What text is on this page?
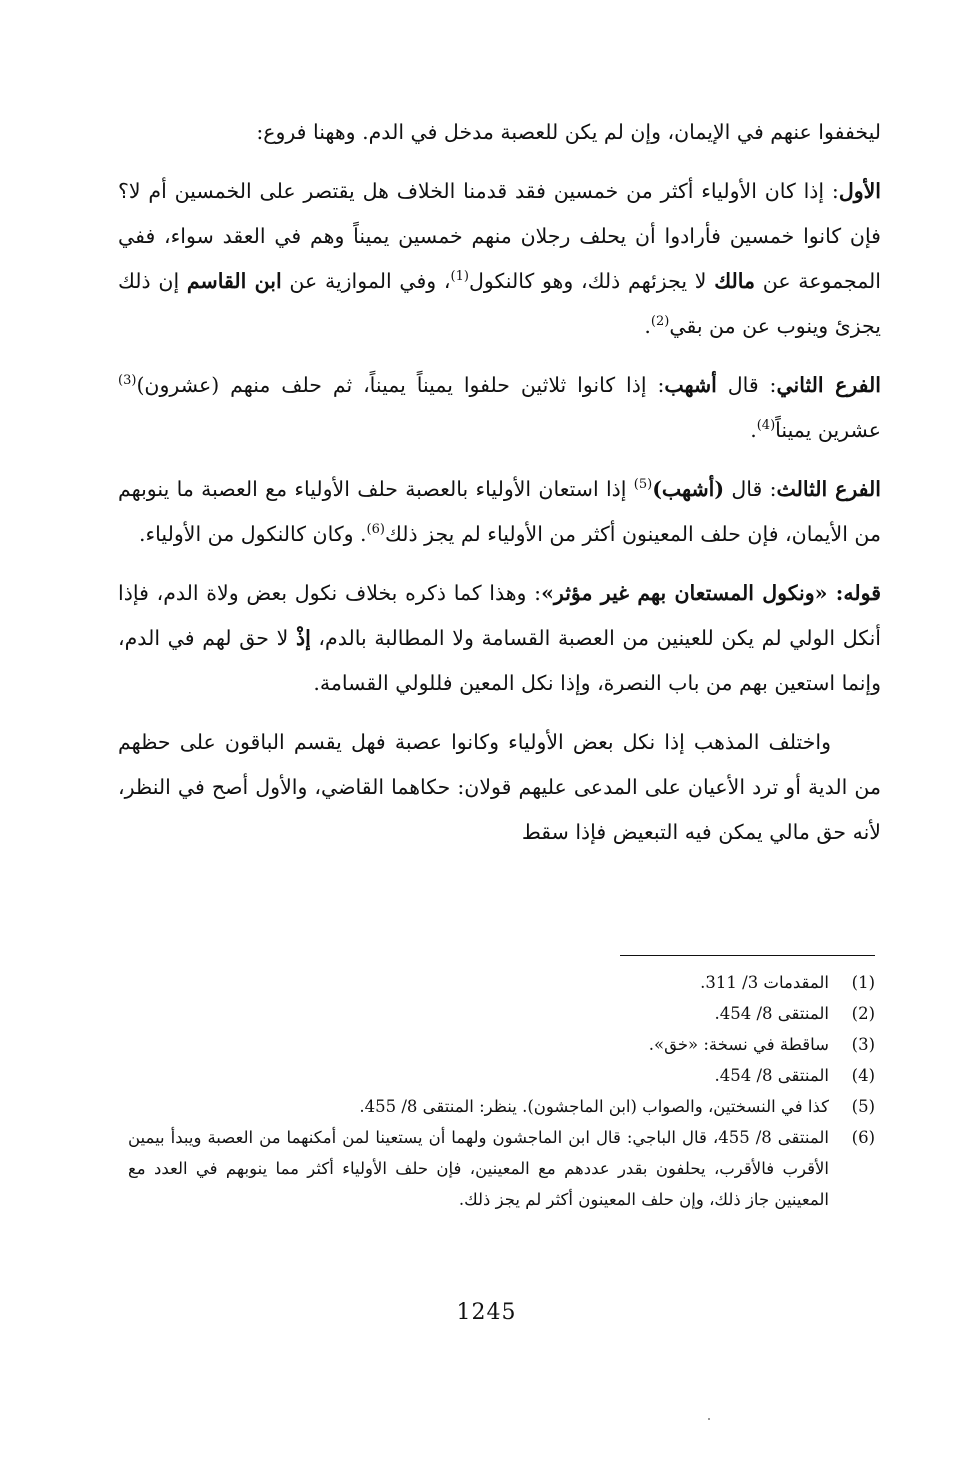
ليخففوا عنهم في الإيمان، وإن لم يكن للعصبة مدخل في الدم. وههنا فروع:

الأول: إذا كان الأولياء أكثر من خمسين فقد قدمنا الخلاف هل يقتصر على الخمسين أم لا؟ فإن كانوا خمسين فأرادوا أن يحلف رجلان منهم خمسين يميناً وهم في العقد سواء، ففي المجموعة عن مالك لا يجزئهم ذلك، وهو كالنكول$^{(1)}$، وفي الموازية عن ابن القاسم إن ذلك يجزئ وينوب عن من بقي$^{(2)}$.

الفرع الثاني: قال أشهب: إذا كانوا ثلاثين حلفوا يميناً يميناً، ثم حلف منهم (عشرون)$^{(3)}$ عشرين يميناً$^{(4)}$.

الفرع الثالث: قال (أشهب)$^{(5)}$ إذا استعان الأولياء بالعصبة حلف الأولياء مع العصبة ما ينوبهم من الأيمان، فإن حلف المعينون أكثر من الأولياء لم يجز ذلك$^{(6)}$. وكان كالنكول من الأولياء.

قوله: «ونكول المستعان بهم غير مؤثر»: وهذا كما ذكره بخلاف نكول بعض ولاة الدم، فإذا أنكل الولي لم يكن للعينين من العصبة القسامة ولا المطالبة بالدم، إذْ لا حق لهم في الدم، وإنما استعين بهم من باب النصرة، وإذا نكل المعين فللولي القسامة.

واختلف المذهب إذا نكل بعض الأولياء وكانوا عصبة فهل يقسم الباقون على حظهم من الدية أو ترد الأعيان على المدعى عليهم قولان: حكاهما القاضي، والأول أصح في النظر، لأنه حق مالي يمكن فيه التبعيض فإذا سقط

(1)
المقدمات 3/ 311.
(2)
المنتقى 8/ 454.
(3)
ساقطة في نسخة: «خق».
(4)
المنتقى 8/ 454.
(5)
كذا في النسختين، والصواب (ابن الماجشون). ينظر: المنتقى 8/ 455.
(6)
المنتقى 8/ 455، قال الباجي: قال ابن الماجشون ولهما أن يستعينا لمن أمكنهما من العصبة ويبدأ بيمين الأقرب فالأقرب، يحلفون بقدر عددهم مع المعينين، فإن حلف الأولياء أكثر مما ينوبهم في العدد مع المعينين جاز ذلك، وإن حلف المعينون أكثر لم يجز ذلك.
1245
